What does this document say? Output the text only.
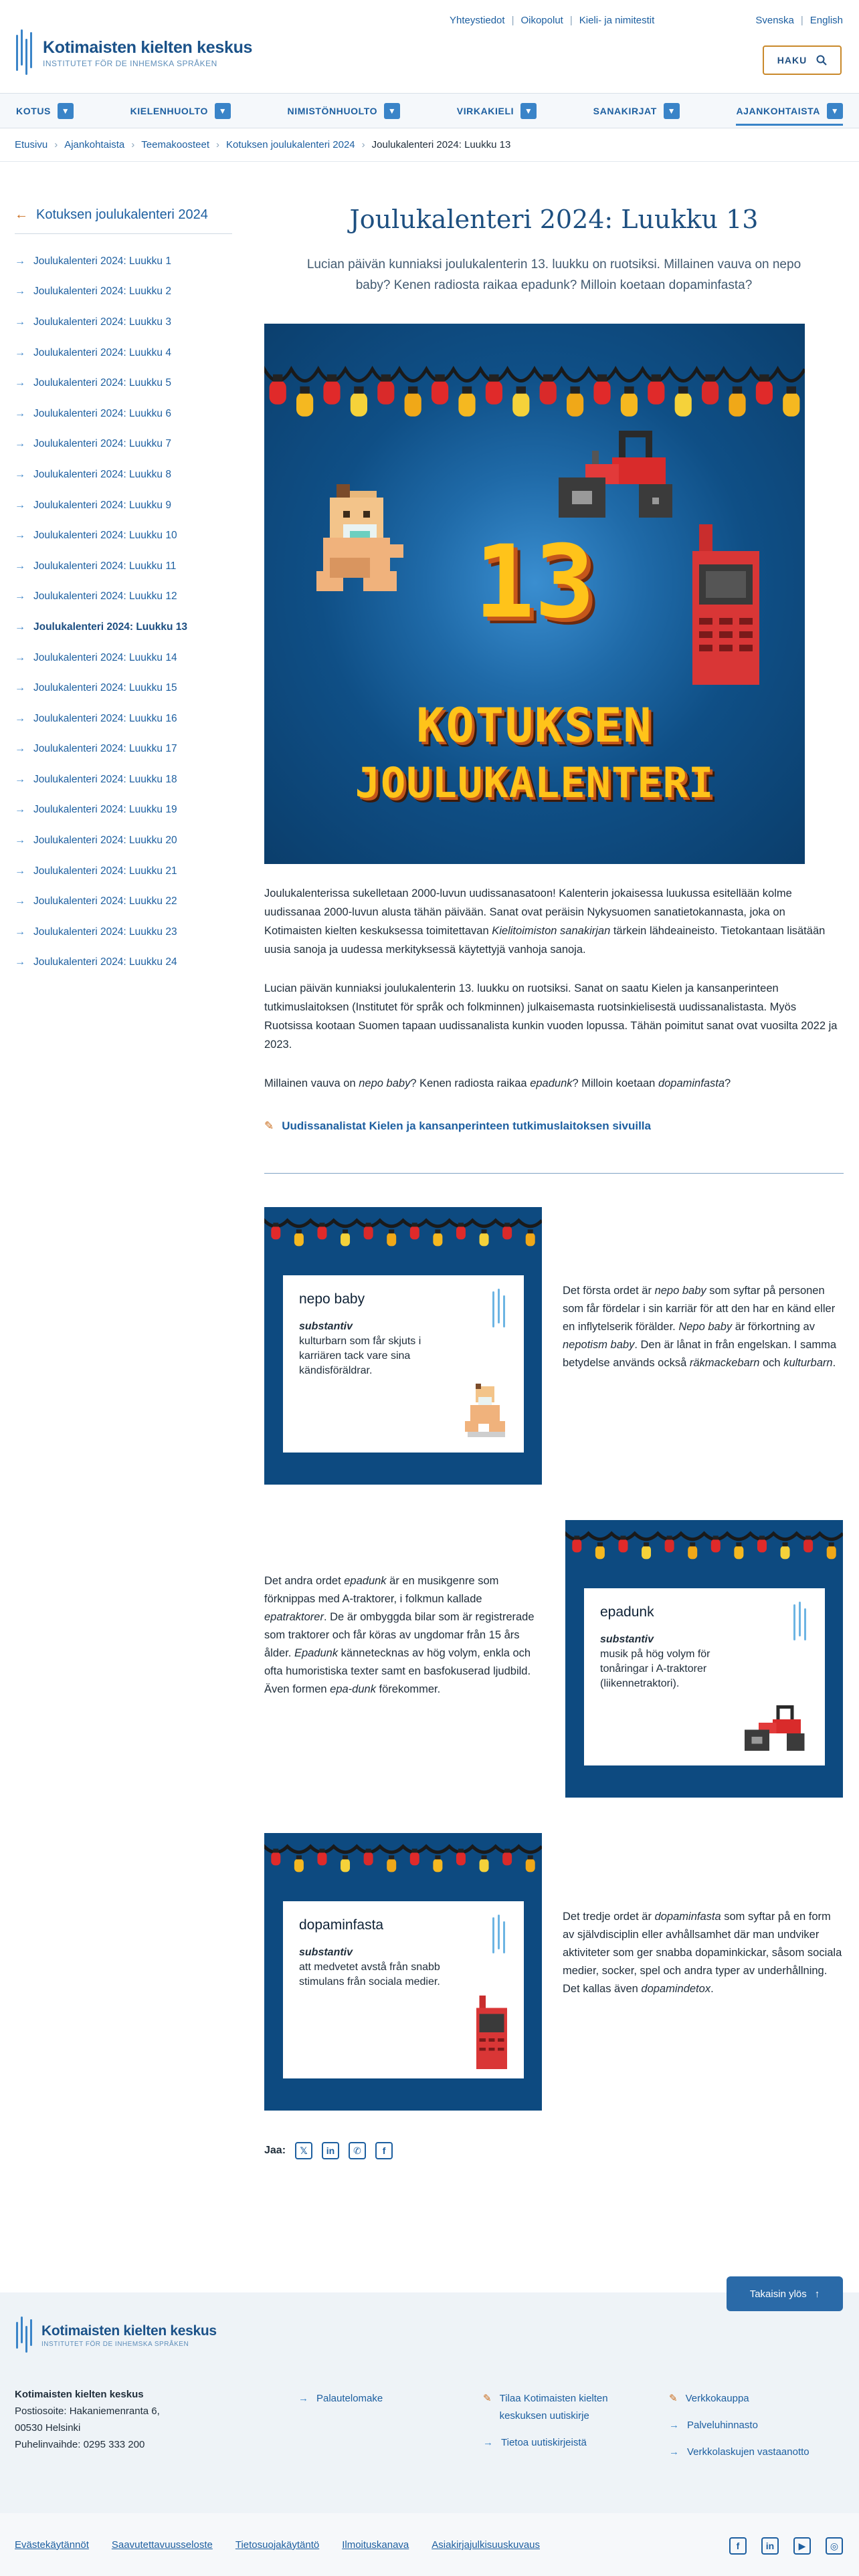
Kotimaisten kielten keskus
INSTITUTET FÖR DE INHEMSKA SPRÅKEN
Yhteystiedot | Oikopolut | Kieli- ja nimitestit	Svenska | English
HAKU
KOTUS	▼	KIELENHUOLTO	▼	NIMISTÖNHUOLTO	▼	VIRKAKIELI	▼	SANAKIRJAT	▼	AJANKOHTAISTA	▼
Etusivu › Ajankohtaista › Teemakoosteet › Kotuksen joulukalenteri 2024 › Joulukalenteri 2024: Luukku 13
← Kotuksen joulukalenteri 2024
→ Joulukalenteri 2024: Luukku 1
→ Joulukalenteri 2024: Luukku 2
→ Joulukalenteri 2024: Luukku 3
→ Joulukalenteri 2024: Luukku 4
→ Joulukalenteri 2024: Luukku 5
→ Joulukalenteri 2024: Luukku 6
→ Joulukalenteri 2024: Luukku 7
→ Joulukalenteri 2024: Luukku 8
→ Joulukalenteri 2024: Luukku 9
→ Joulukalenteri 2024: Luukku 10
→ Joulukalenteri 2024: Luukku 11
→ Joulukalenteri 2024: Luukku 12
→ Joulukalenteri 2024: Luukku 13
→ Joulukalenteri 2024: Luukku 14
→ Joulukalenteri 2024: Luukku 15
→ Joulukalenteri 2024: Luukku 16
→ Joulukalenteri 2024: Luukku 17
→ Joulukalenteri 2024: Luukku 18
→ Joulukalenteri 2024: Luukku 19
→ Joulukalenteri 2024: Luukku 20
→ Joulukalenteri 2024: Luukku 21
→ Joulukalenteri 2024: Luukku 22
→ Joulukalenteri 2024: Luukku 23
→ Joulukalenteri 2024: Luukku 24
Joulukalenteri 2024: Luukku 13

Lucian päivän kunniaksi joulukalenterin 13. luukku on ruotsiksi. Millainen vauva on nepo baby? Kenen radiosta raikaa epadunk? Milloin koetaan dopaminfasta?

13
KOTUKSEN
JOULUKALENTERI

Joulukalenterissa sukelletaan 2000-luvun uudissanasatoon! Kalenterin jokaisessa luukussa esitellään kolme uudissanaa 2000-luvun alusta tähän päivään. Sanat ovat peräisin Nykysuomen sanatietokannasta, joka on Kotimaisten kielten keskuksessa toimitettavan Kielitoimiston sanakirjan tärkein lähdeaineisto. Tietokantaan lisätään uusia sanoja ja uudessa merkityksessä käytettyjä vanhoja sanoja.

Lucian päivän kunniaksi joulukalenterin 13. luukku on ruotsiksi. Sanat on saatu Kielen ja kansanperinteen tutkimuslaitoksen (Institutet för språk och folkminnen) julkaisemasta ruotsinkielisestä uudissanalistasta. Myös Ruotsissa kootaan Suomen tapaan uudissanalista kunkin vuoden lopussa. Tähän poimitut sanat ovat vuosilta 2022 ja 2023.

Millainen vauva on nepo baby? Kenen radiosta raikaa epadunk? Milloin koetaan dopaminfasta?

✎ Uudissanalistat Kielen ja kansanperinteen tutkimuslaitoksen sivuilla
nepo baby
substantiv
kulturbarn som får skjuts i karriären tack vare sina kändisföräldrar.
Det första ordet är nepo baby som syftar på personen som får fördelar i sin karriär för att den har en känd eller en inflytelserik förälder. Nepo baby är förkortning av nepotism baby. Den är lånat in från engelskan. I samma betydelse används också räkmackebarn och kulturbarn.
epadunk
substantiv
musik på hög volym för tonåringar i A-traktorer (liikennetraktori).
Det andra ordet epadunk är en musikgenre som förknippas med A-traktorer, i folkmun kallade epatraktorer. De är ombyggda bilar som är registrerade som traktorer och får köras av ungdomar från 15 års ålder. Epadunk kännetecknas av hög volym, enkla och ofta humoristiska texter samt en basfokuserad ljudbild. Även formen epa-dunk förekommer.
dopaminfasta
substantiv
att medvetet avstå från snabb stimulans från sociala medier.
Det tredje ordet är dopaminfasta som syftar på en form av självdisciplin eller avhållsamhet där man undviker aktiviteter som ger snabba dopaminkickar, såsom sociala medier, socker, spel och andra typer av underhållning. Det kallas även dopamindetox.
Jaa:	𝕏	in	✆	f
Takaisin ylös ↑
Kotimaisten kielten keskus
INSTITUTET FÖR DE INHEMSKA SPRÅKEN
Kotimaisten kielten keskus
Postiosoite: Hakaniemenranta 6,
00530 Helsinki
Puhelinvaihde: 0295 333 200
→ Palautelomake	✎ Tilaa Kotimaisten kielten keskuksen uutiskirje
→ Tietoa uutiskirjeistä
✎ Verkkokauppa
→ Palveluhinnasto
→ Verkkolaskujen vastaanotto
Evästekäytännöt Saavutettavuusseloste Tietosuojakäytäntö Ilmoituskanava Asiakirjajulkisuuskuvaus	f	in	▶	◎
